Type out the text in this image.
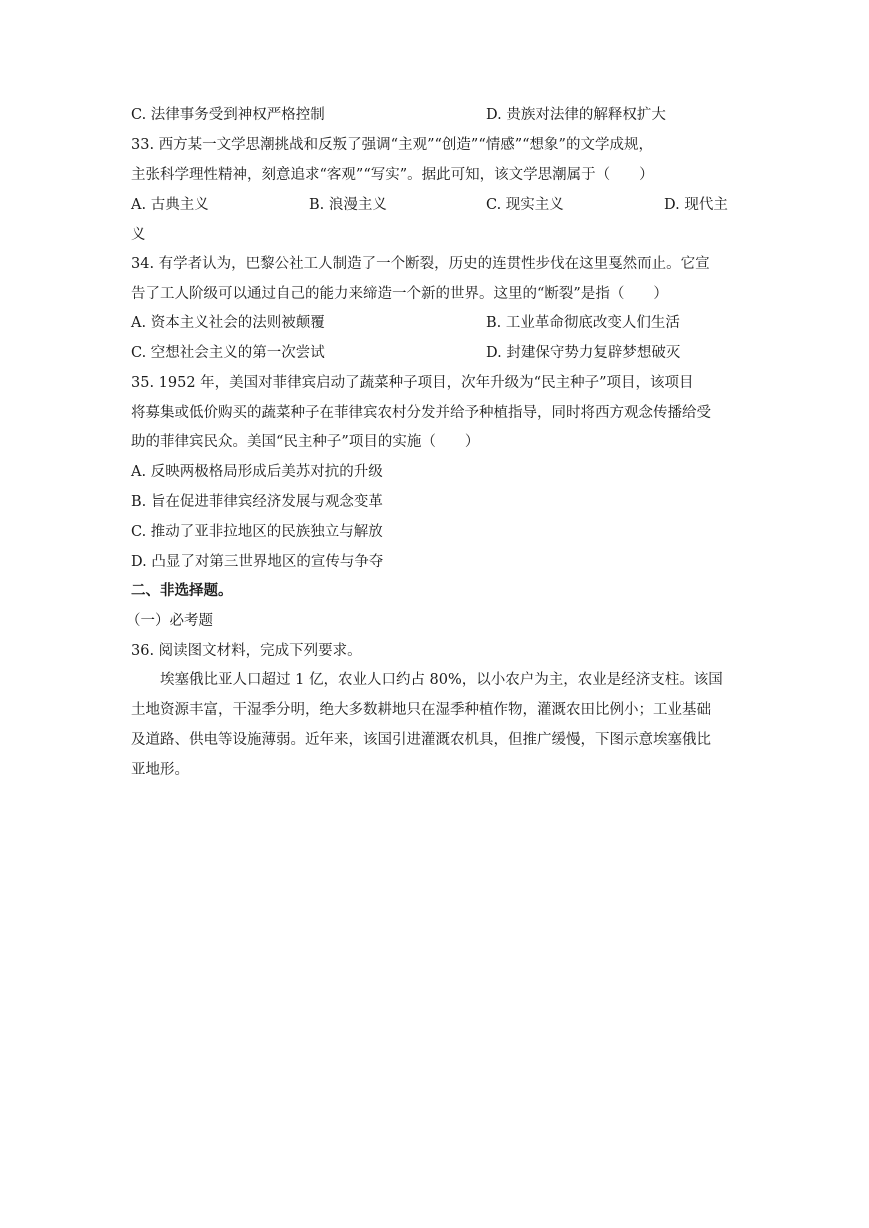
C. 法律事务受到神权严格控制	D. 贵族对法律的解释权扩大
33. 西方某一文学思潮挑战和反叛了强调“主观”“创造”“情感”“想象”的文学成规，
主张科学理性精神，刻意追求“客观”“写实”。据此可知，该文学思潮属于（　　）
A. 古典主义	B. 浪漫主义	C. 现实主义	D. 现代主
义
34. 有学者认为，巴黎公社工人制造了一个断裂，历史的连贯性步伐在这里戛然而止。它宣
告了工人阶级可以通过自己的能力来缔造一个新的世界。这里的“断裂”是指（　　）
A. 资本主义社会的法则被颠覆	B. 工业革命彻底改变人们生活
C. 空想社会主义的第一次尝试	D. 封建保守势力复辟梦想破灭
35. 1952 年，美国对菲律宾启动了蔬菜种子项目，次年升级为“民主种子”项目，该项目
将募集或低价购买的蔬菜种子在菲律宾农村分发并给予种植指导，同时将西方观念传播给受
助的菲律宾民众。美国“民主种子”项目的实施（　　）
A. 反映两极格局形成后美苏对抗的升级
B. 旨在促进菲律宾经济发展与观念变革
C. 推动了亚非拉地区的民族独立与解放
D. 凸显了对第三世界地区的宣传与争夺
二、非选择题。
（一）必考题
36. 阅读图文材料，完成下列要求。
埃塞俄比亚人口超过 1 亿，农业人口约占 80%，以小农户为主，农业是经济支柱。该国
土地资源丰富，干湿季分明，绝大多数耕地只在湿季种植作物，灌溉农田比例小；工业基础
及道路、供电等设施薄弱。近年来，该国引进灌溉农机具，但推广缓慢，下图示意埃塞俄比
亚地形。
